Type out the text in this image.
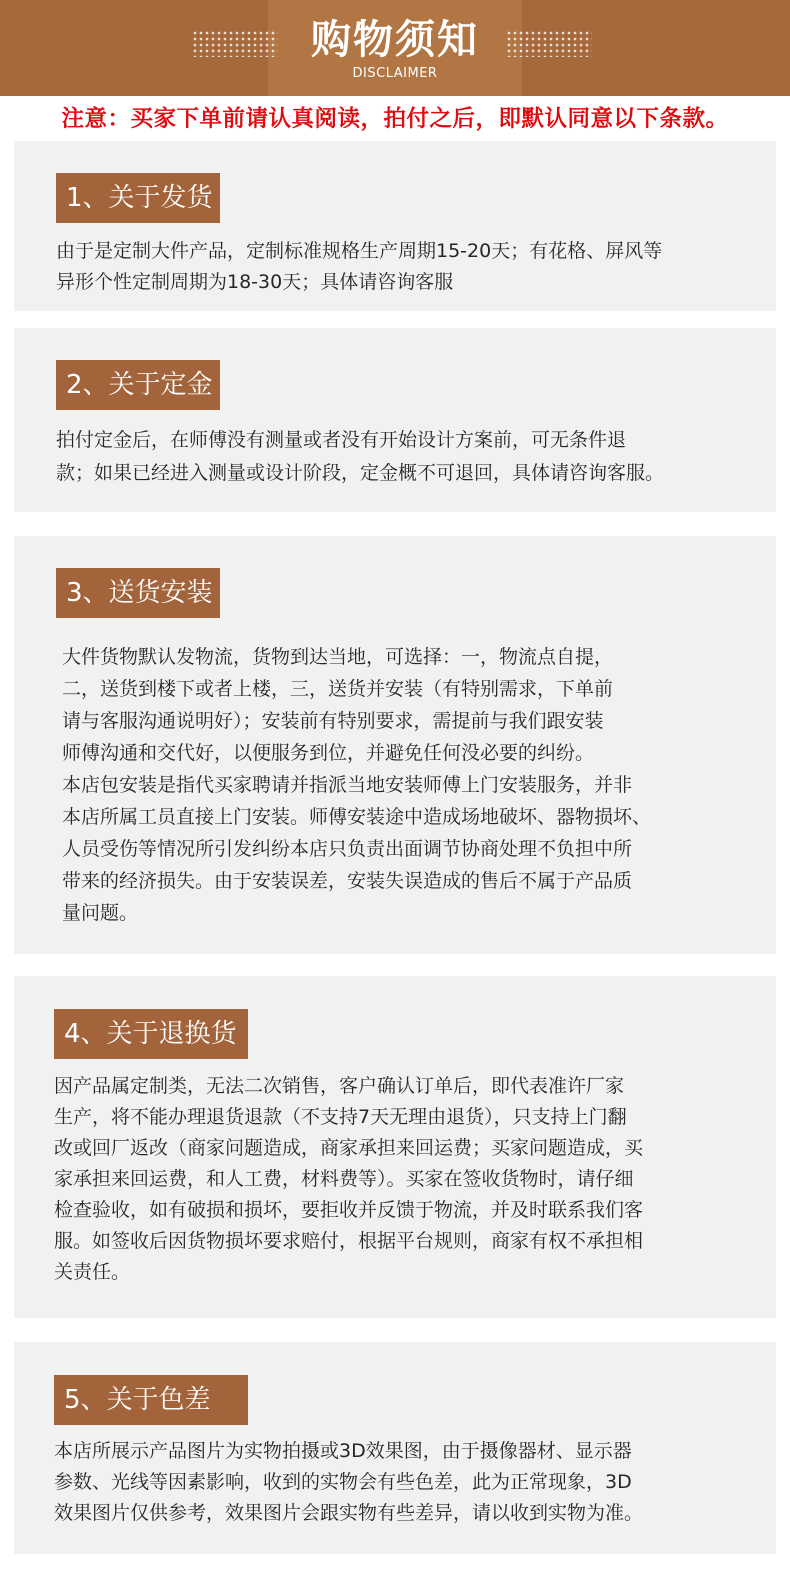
购物须知
DISCLAIMER
注意：买家下单前请认真阅读，拍付之后，即默认同意以下条款。
1、关于发货

由于是定制大件产品，定制标准规格生产周期15-20天；有花格、屏风等
异形个性定制周期为18-30天；具体请咨询客服

2、关于定金

拍付定金后，在师傅没有测量或者没有开始设计方案前，可无条件退
款；如果已经进入测量或设计阶段，定金概不可退回，具体请咨询客服。

3、送货安装

大件货物默认发物流，货物到达当地，可选择：一，物流点自提，
二，送货到楼下或者上楼，三，送货并安装（有特别需求，下单前
请与客服沟通说明好）；安装前有特别要求，需提前与我们跟安装
师傅沟通和交代好，以便服务到位，并避免任何没必要的纠纷。
本店包安装是指代买家聘请并指派当地安装师傅上门安装服务，并非
本店所属工员直接上门安装。师傅安装途中造成场地破坏、器物损坏、
人员受伤等情况所引发纠纷本店只负责出面调节协商处理不负担中所
带来的经济损失。由于安装误差，安装失误造成的售后不属于产品质
量问题。

4、关于退换货

因产品属定制类，无法二次销售，客户确认订单后，即代表准许厂家
生产，将不能办理退货退款（不支持7天无理由退货），只支持上门翻
改或回厂返改（商家问题造成，商家承担来回运费；买家问题造成，买
家承担来回运费，和人工费，材料费等）。买家在签收货物时，请仔细
检查验收，如有破损和损坏，要拒收并反馈于物流，并及时联系我们客
服。如签收后因货物损坏要求赔付，根据平台规则，商家有权不承担相
关责任。

5、关于色差

本店所展示产品图片为实物拍摄或3D效果图，由于摄像器材、显示器
参数、光线等因素影响，收到的实物会有些色差，此为正常现象，3D
效果图片仅供参考，效果图片会跟实物有些差异，请以收到实物为准。
